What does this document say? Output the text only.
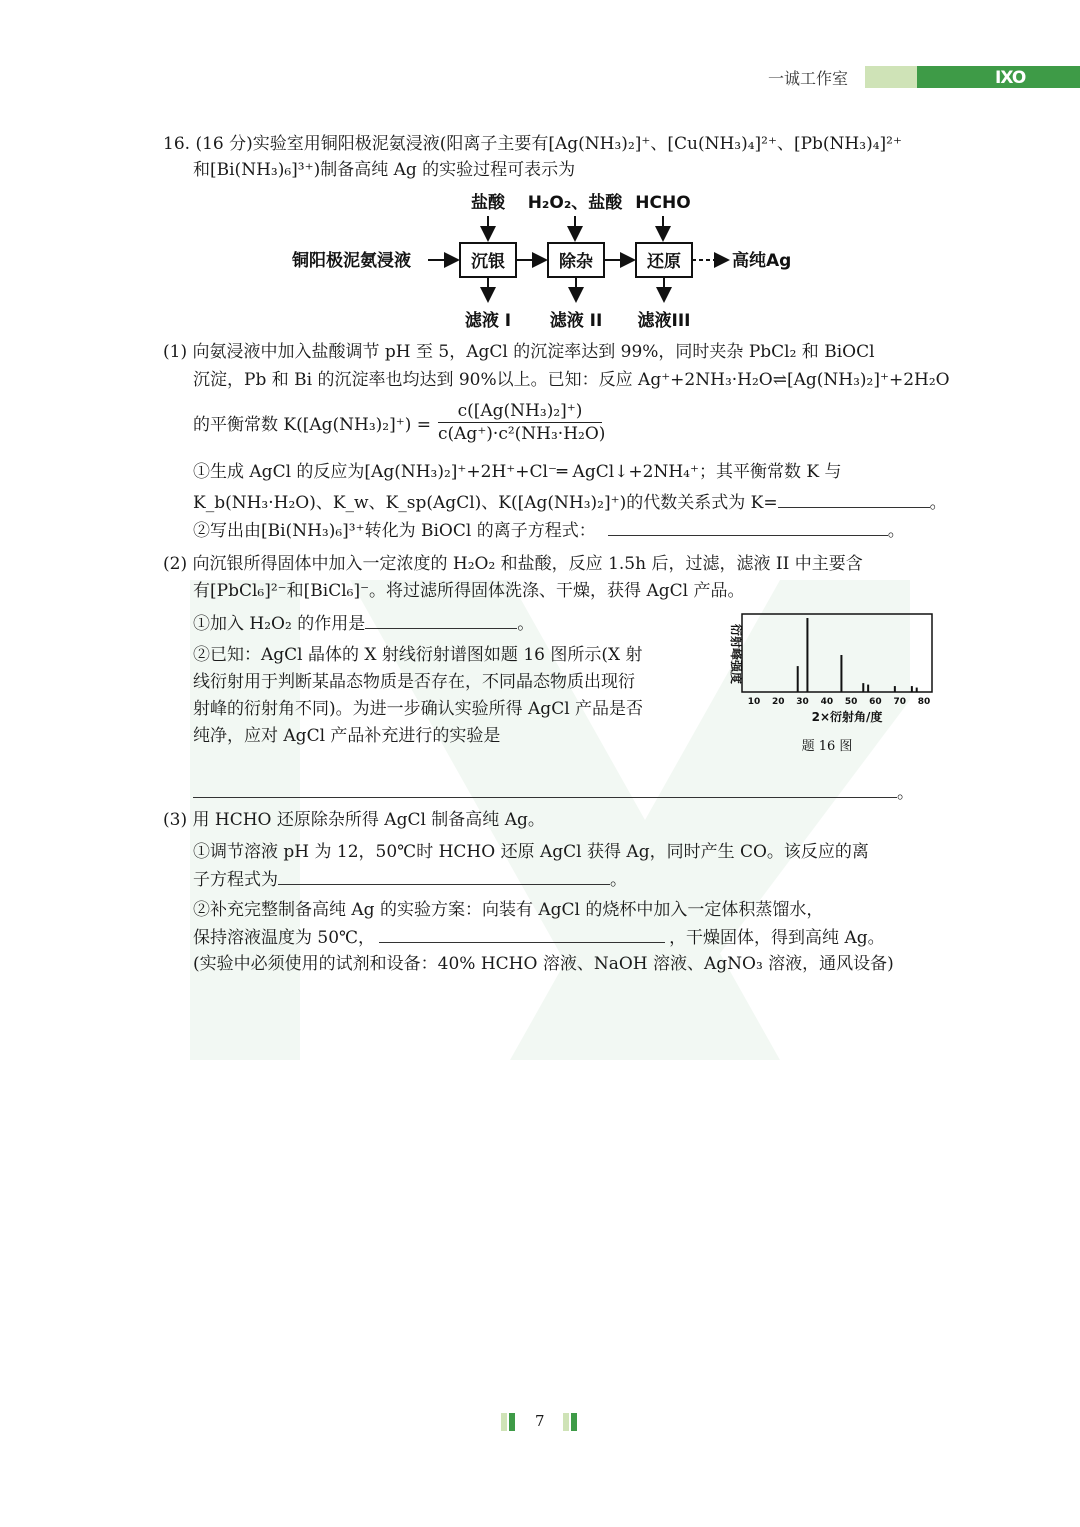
一诚工作室	IXO
16. (16 分)实验室用铜阳极泥氨浸液(阳离子主要有[Ag(NH₃)₂]⁺、[Cu(NH₃)₄]²⁺、[Pb(NH₃)₄]²⁺
和[Bi(NH₃)₆]³⁺)制备高纯 Ag 的实验过程可表示为
盐酸 H₂O₂、盐酸 HCHO
铜阳极泥氨浸液	沉银	除杂	还原	高纯Ag
滤液 I 滤液 II 滤液III
(1) 向氨浸液中加入盐酸调节 pH 至 5，AgCl 的沉淀率达到 99%，同时夹杂 PbCl₂ 和 BiOCl
沉淀，Pb 和 Bi 的沉淀率也均达到 90%以上。已知：反应 Ag⁺+2NH₃·H₂O⇌[Ag(NH₃)₂]⁺+2H₂O
的平衡常数 $K([Ag(NH_3)_2]^+) = \frac{\text{c([Ag(NH₃)₂]⁺)}}{\text{c(Ag⁺)·c²(NH₃·H₂O)}}$
①生成 AgCl 的反应为[Ag(NH₃)₂]⁺+2H⁺+Cl⁻═ AgCl↓+2NH₄⁺；其平衡常数 K 与
K_b(NH₃·H₂O)、K_w、K_sp(AgCl)、K([Ag(NH₃)₂]⁺)的代数关系式为 K=	。
②写出由[Bi(NH₃)₆]³⁺转化为 BiOCl 的离子方程式：	。
(2) 向沉银所得固体中加入一定浓度的 H₂O₂ 和盐酸，反应 1.5h 后，过滤，滤液 II 中主要含
有[PbCl₆]²⁻和[BiCl₆]⁻。将过滤所得固体洗涤、干燥，获得 AgCl 产品。
①加入 H₂O₂ 的作用是	。
②已知：AgCl 晶体的 X 射线衍射谱图如题 16 图所示(X 射
线衍射用于判断某晶态物质是否存在，不同晶态物质出现衍
射峰的衍射角不同)。为进一步确认实验所得 AgCl 产品是否
纯净，应对 AgCl 产品补充进行的实验是
衍射峰强度
10 20 30 40 50 60 70 80
2×衍射角/度
题 16 图
。
(3) 用 HCHO 还原除杂所得 AgCl 制备高纯 Ag。
①调节溶液 pH 为 12，50℃时 HCHO 还原 AgCl 获得 Ag，同时产生 CO。该反应的离
子方程式为	。
②补充完整制备高纯 Ag 的实验方案：向装有 AgCl 的烧杯中加入一定体积蒸馏水，
保持溶液温度为 50℃，	，干燥固体，得到高纯 Ag。
(实验中必须使用的试剂和设备：40% HCHO 溶液、NaOH 溶液、AgNO₃ 溶液，通风设备)
7
